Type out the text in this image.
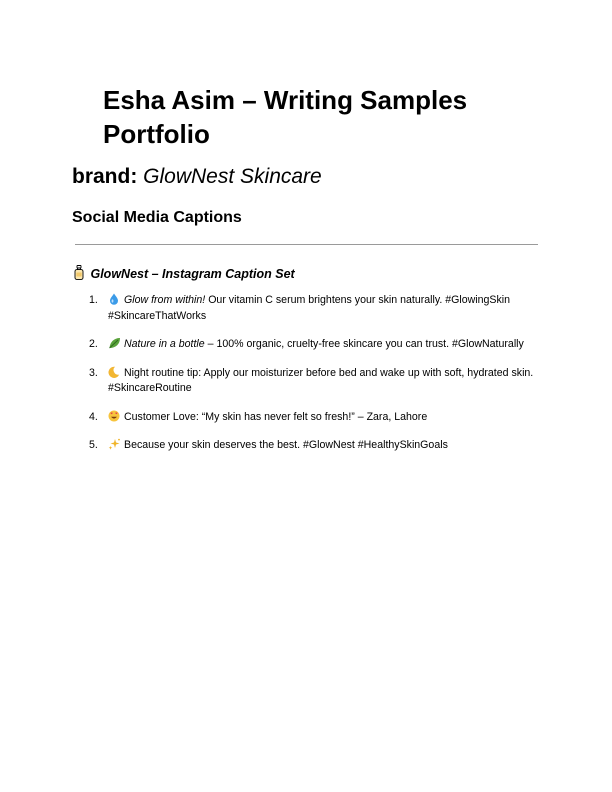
Esha Asim – Writing Samples Portfolio

brand: GlowNest Skincare

Social Media Captions
GlowNest – Instagram Caption Set
1. Glow from within! Our vitamin C serum brightens your skin naturally. #GlowingSkin #SkincareThatWorks
2. Nature in a bottle – 100% organic, cruelty-free skincare you can trust. #GlowNaturally
3. Night routine tip: Apply our moisturizer before bed and wake up with soft, hydrated skin. #SkincareRoutine
4. Customer Love: “My skin has never felt so fresh!” – Zara, Lahore
5. Because your skin deserves the best. #GlowNest #HealthySkinGoals
